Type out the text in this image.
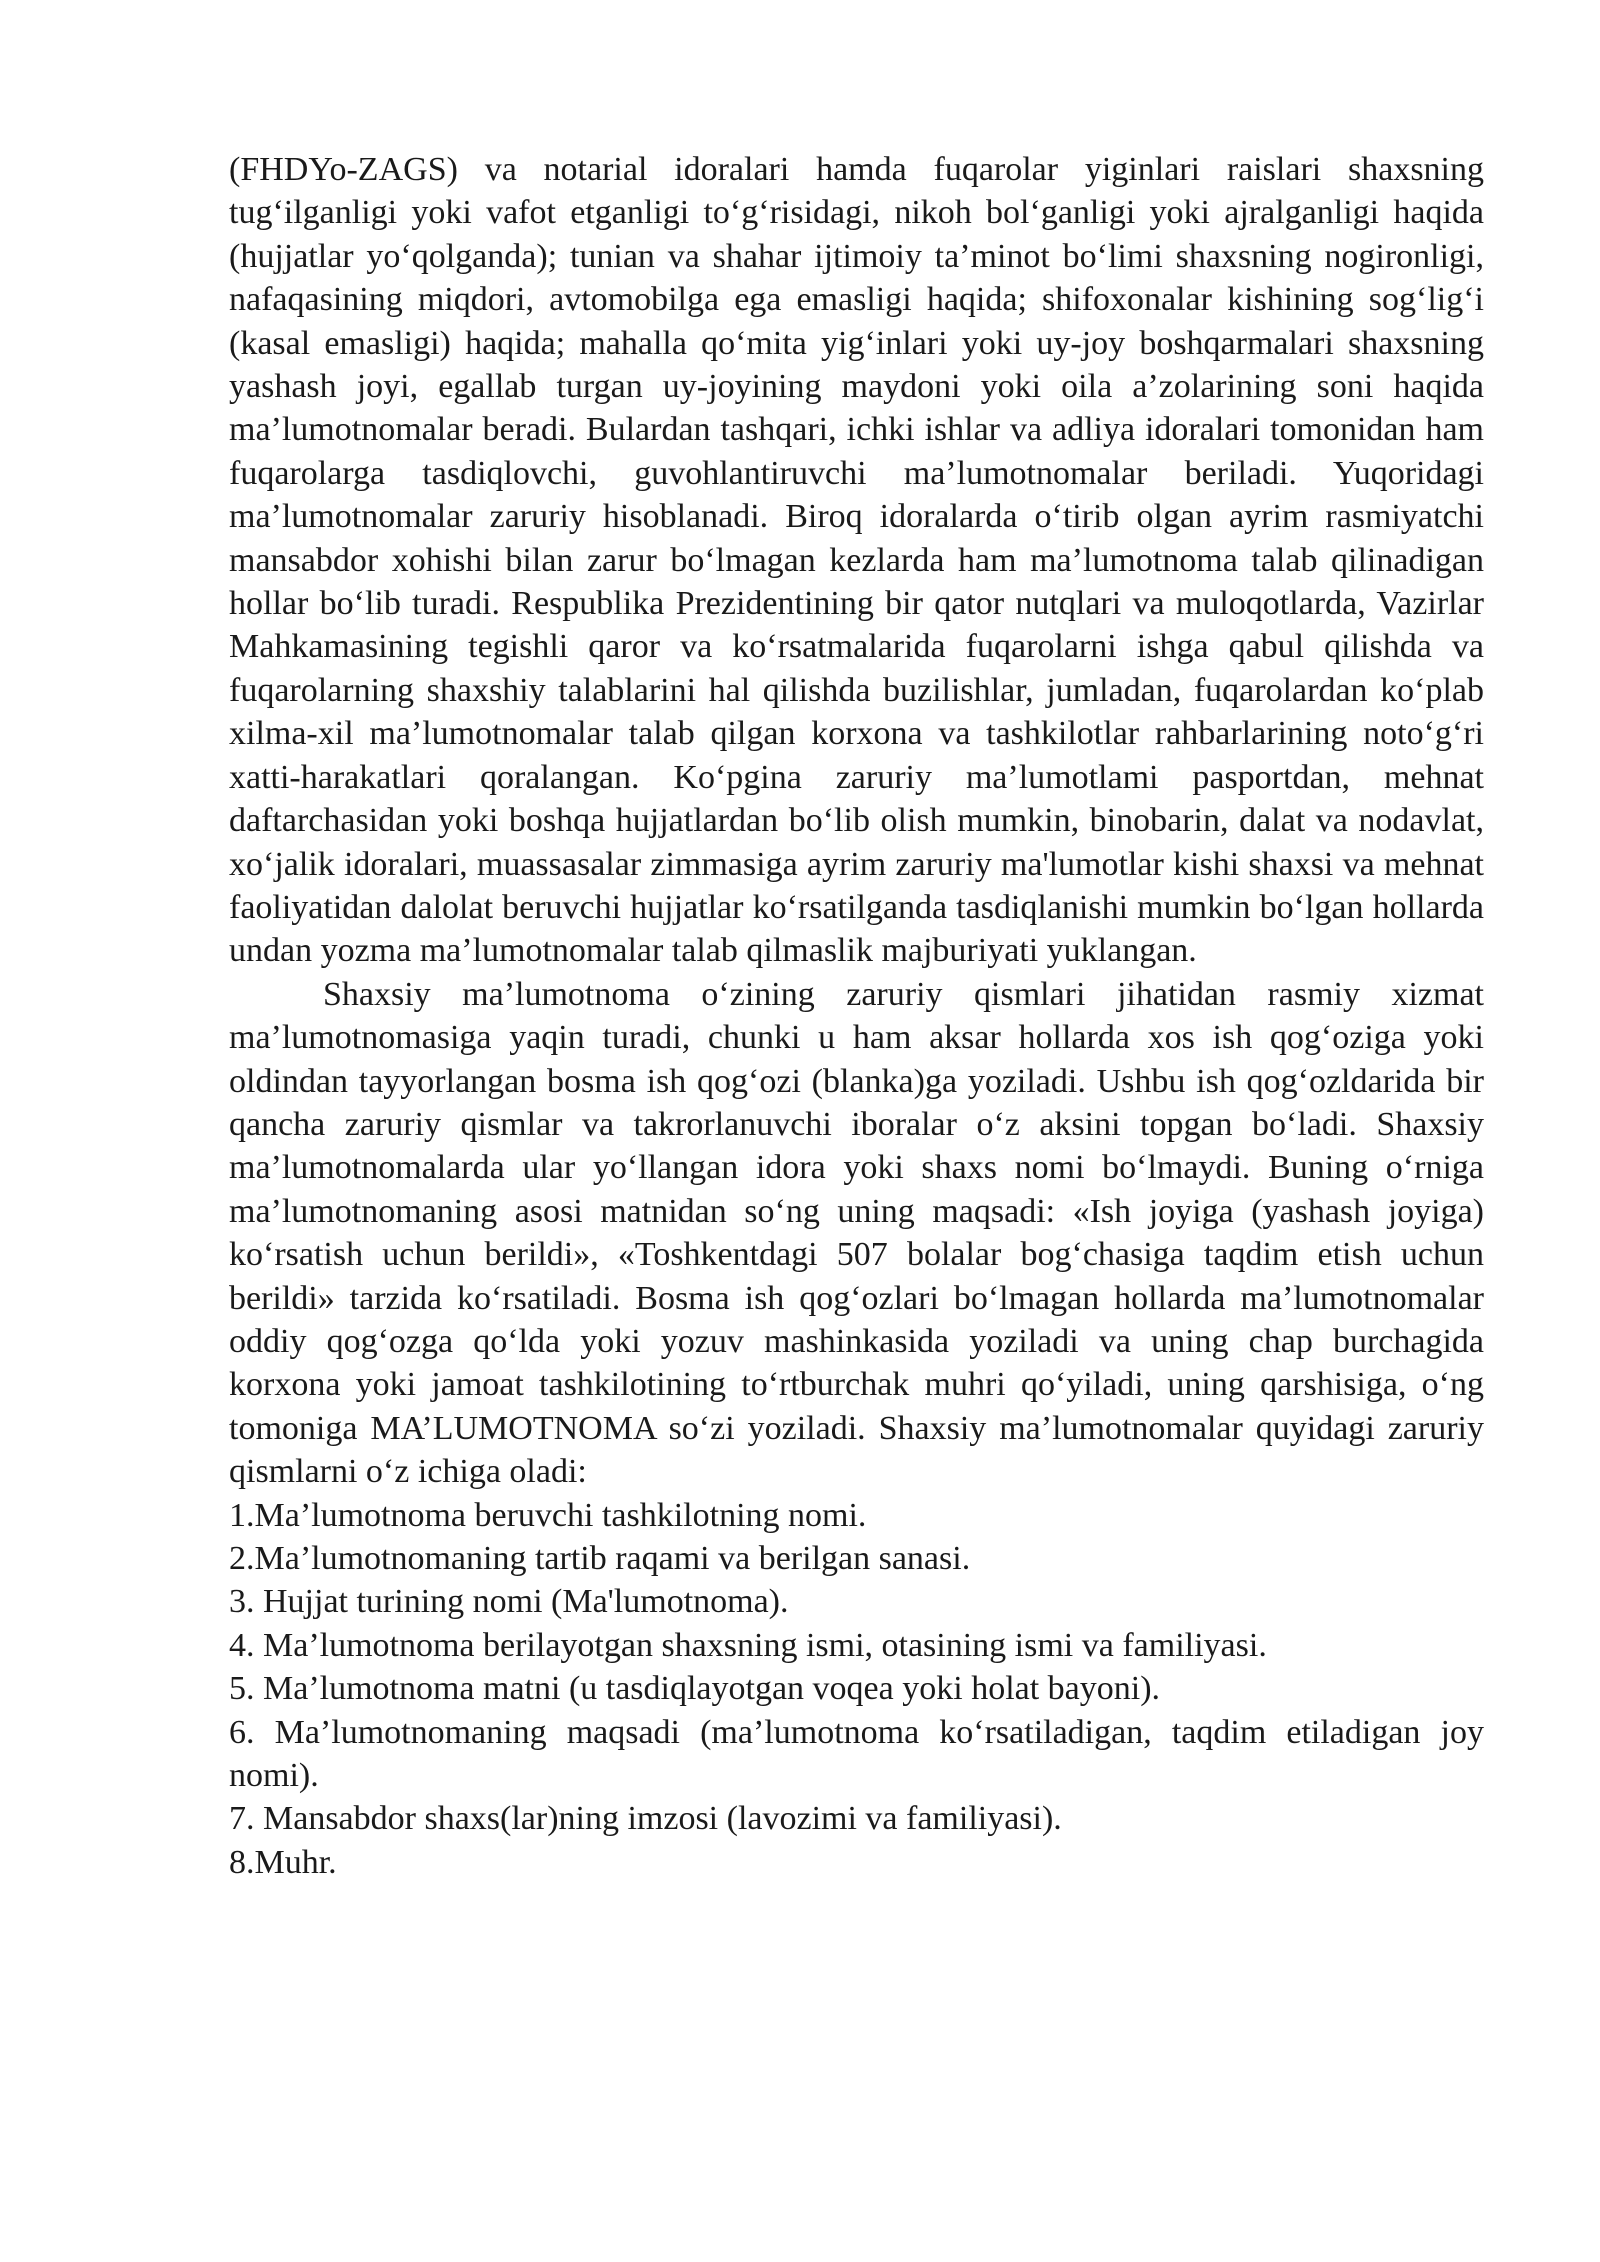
(FHDYo-ZAGS) va notarial idoralari hamda fuqarolar yiginlari raislari shaxsning tug‘ilganligi yoki vafot etganligi to‘g‘risidagi, nikoh bol‘ganligi yoki ajralganligi haqida (hujjatlar yo‘qolganda); tunian va shahar ijtimoiy ta’minot bo‘limi shaxsning nogironligi, nafaqasining miqdori, avtomobilga ega emasligi haqida; shifoxonalar kishining sog‘lig‘i (kasal emasligi) haqida; mahalla qo‘mita yig‘inlari yoki uy-joy boshqarmalari shaxsning yashash joyi, egallab turgan uy-joyining maydoni yoki oila a’zolarining soni haqida ma’lumotnomalar beradi. Bulardan tashqari, ichki ishlar va adliya idoralari tomonidan ham fuqarolarga tasdiqlovchi, guvohlantiruvchi ma’lumotnomalar beriladi. Yuqoridagi ma’lumotnomalar zaruriy hisoblanadi. Biroq idoralarda o‘tirib olgan ayrim rasmiyatchi mansabdor xohishi bilan zarur bo‘lmagan kezlarda ham ma’lumotnoma talab qilinadigan hollar bo‘lib turadi. Respublika Prezidentining bir qator nutqlari va muloqotlarda, Vazirlar Mahkamasining tegishli qaror va ko‘rsatmalarida fuqarolarni ishga qabul qilishda va fuqarolarning shaxshiy talablarini hal qilishda buzilishlar, jumladan, fuqarolardan ko‘plab xilma-xil ma’lumotnomalar talab qilgan korxona va tashkilotlar rahbarlarining noto‘g‘ri xatti-harakatlari qoralangan. Ko‘pgina zaruriy ma’lumotlami pasportdan, mehnat daftarchasidan yoki boshqa hujjatlardan bo‘lib olish mumkin, binobarin, dalat va nodavlat, xo‘jalik idoralari, muassasalar zimmasiga ayrim zaruriy ma'lumotlar kishi shaxsi va mehnat faoliyatidan dalolat beruvchi hujjatlar ko‘rsatilganda tasdiqlanishi mumkin bo‘lgan hollarda undan yozma ma’lumotnomalar talab qilmaslik majburiyati yuklangan.

Shaxsiy ma’lumotnoma o‘zining zaruriy qismlari jihatidan rasmiy xizmat ma’lumotnomasiga yaqin turadi, chunki u ham aksar hollarda xos ish qog‘oziga yoki oldindan tayyorlangan bosma ish qog‘ozi (blanka)ga yoziladi. Ushbu ish qog‘ozldarida bir qancha zaruriy qismlar va takrorlanuvchi iboralar o‘z aksini topgan bo‘ladi. Shaxsiy ma’lumotnomalarda ular yo‘llangan idora yoki shaxs nomi bo‘lmaydi. Buning o‘rniga ma’lumotnomaning asosi matnidan so‘ng uning maqsadi: «Ish joyiga (yashash joyiga) ko‘rsatish uchun berildi», «Toshkentdagi 507 bolalar bog‘chasiga taqdim etish uchun berildi» tarzida ko‘rsatiladi. Bosma ish qog‘ozlari bo‘lmagan hollarda ma’lumotnomalar oddiy qog‘ozga qo‘lda yoki yozuv mashinkasida yoziladi va uning chap burchagida korxona yoki jamoat tashkilotining to‘rtburchak muhri qo‘yiladi, uning qarshisiga, o‘ng tomoniga MA’LUMOTNOMA so‘zi yoziladi. Shaxsiy ma’lumotnomalar quyidagi zaruriy qismlarni o‘z ichiga oladi:

1.Ma’lumotnoma beruvchi tashkilotning nomi.
2.Ma’lumotnomaning tartib raqami va berilgan sanasi.
3. Hujjat turining nomi (Ma'lumotnoma).
4. Ma’lumotnoma berilayotgan shaxsning ismi, otasining ismi va familiyasi.
5. Ma’lumotnoma matni (u tasdiqlayotgan voqea yoki holat bayoni).
6. Ma’lumotnomaning maqsadi (ma’lumotnoma ko‘rsatiladigan, taqdim etiladigan joy nomi).
7. Mansabdor shaxs(lar)ning imzosi (lavozimi va familiyasi).
8.Muhr.
